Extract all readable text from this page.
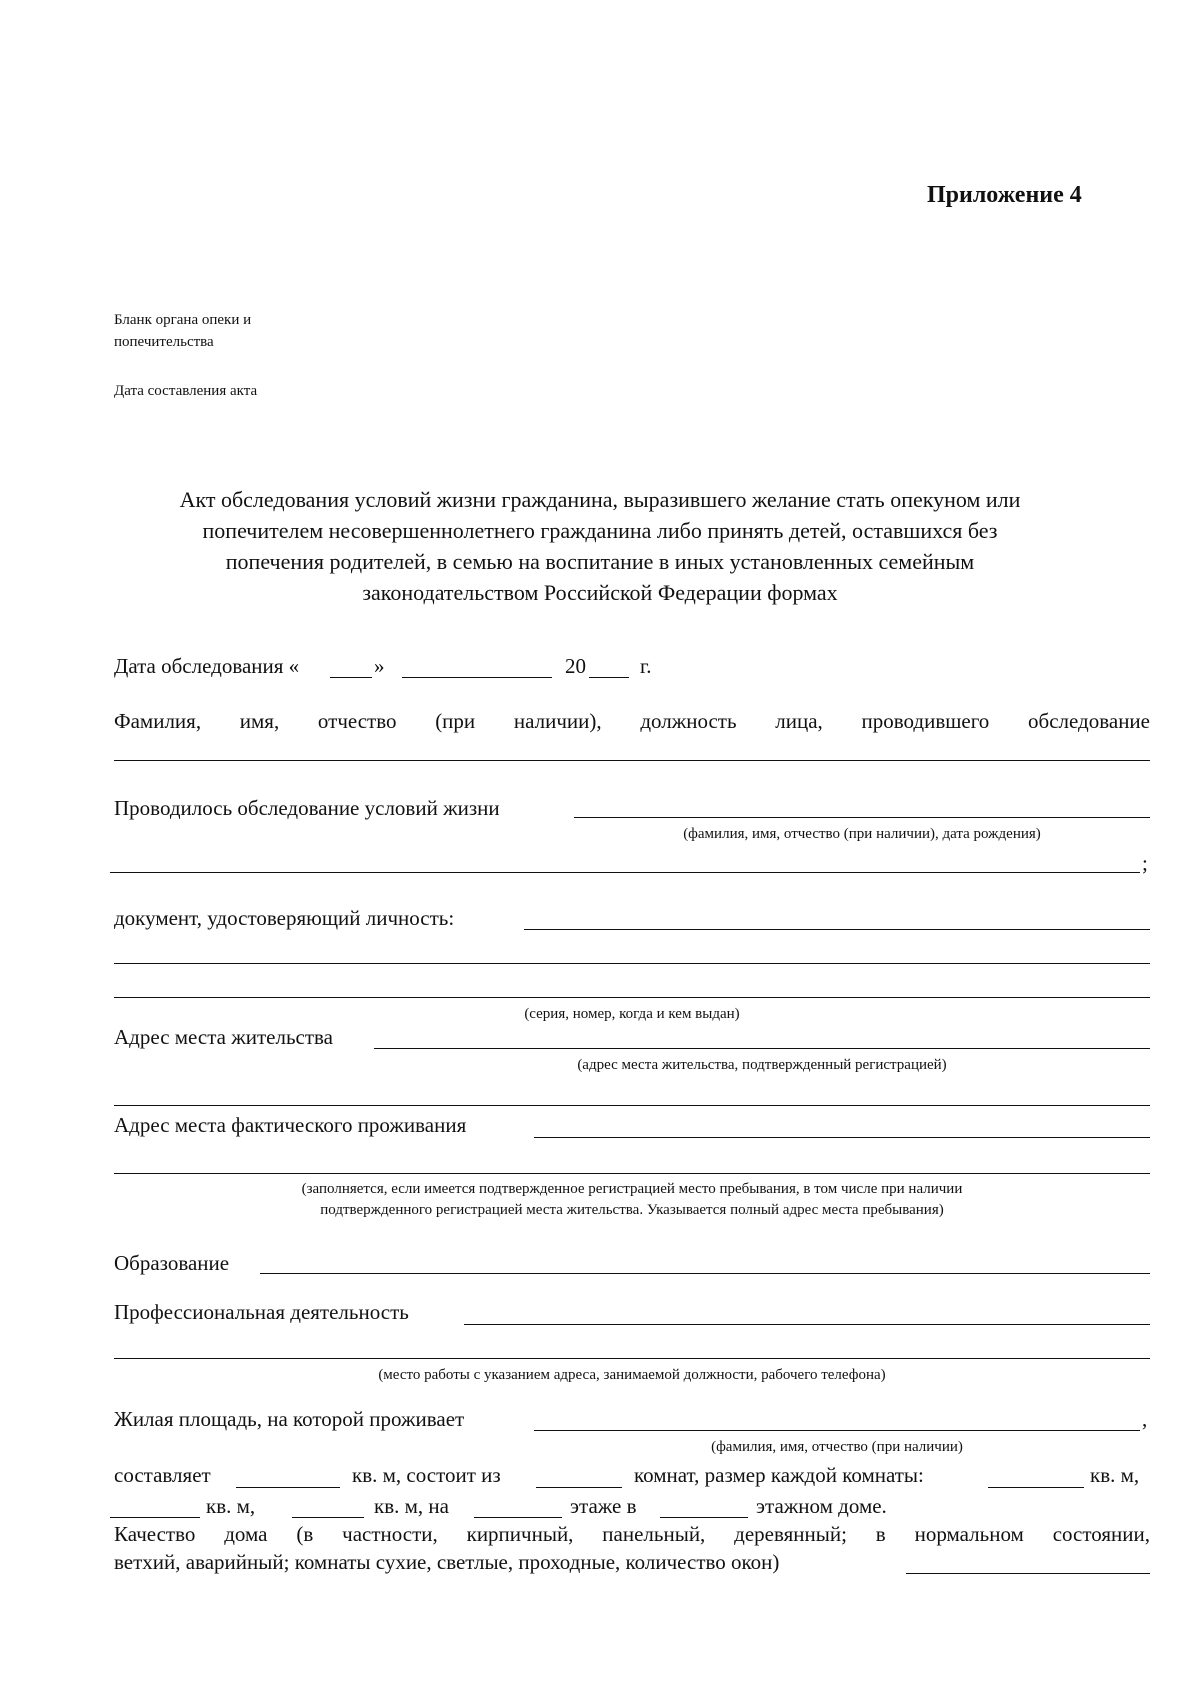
Приложение 4
Бланк органа опеки и
попечительства
Дата составления акта
Акт обследования условий жизни гражданина, выразившего желание стать опекуном или
попечителем несовершеннолетнего гражданина либо принять детей, оставшихся без
попечения родителей, в семью на воспитание в иных установленных семейным
законодательством Российской Федерации формах
Дата обследования «	»	20	г.
Фамилия, имя, отчество (при наличии), должность лица, проводившего обследование
Проводилось обследование условий жизни
(фамилия, имя, отчество (при наличии), дата рождения)
;
документ, удостоверяющий личность:
(серия, номер, когда и кем выдан)
Адрес места жительства
(адрес места жительства, подтвержденный регистрацией)
Адрес места фактического проживания
(заполняется, если имеется подтвержденное регистрацией место пребывания, в том числе при наличии
подтвержденного регистрацией места жительства. Указывается полный адрес места пребывания)
Образование
Профессиональная деятельность
(место работы с указанием адреса, занимаемой должности, рабочего телефона)
Жилая площадь, на которой проживает	,
(фамилия, имя, отчество (при наличии)
составляет	кв. м, состоит из	комнат, размер каждой комнаты:	кв. м,
кв. м,	кв. м, на	этаже в	этажном доме.
Качество дома (в частности, кирпичный, панельный, деревянный; в нормальном состоянии,
ветхий, аварийный; комнаты сухие, светлые, проходные, количество окон)
